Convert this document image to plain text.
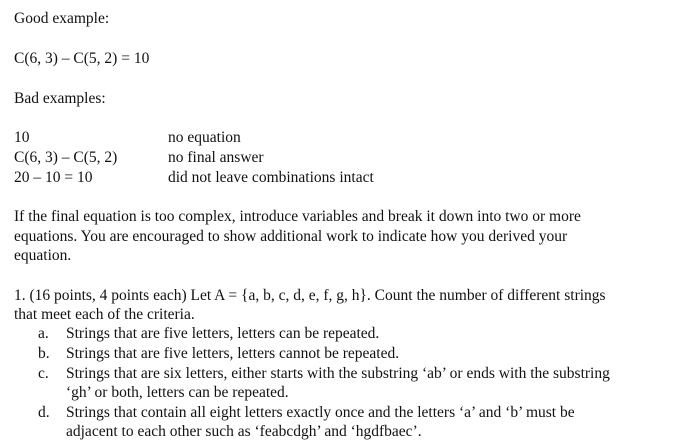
Good example:
C(6, 3) – C(5, 2) = 10
Bad examples:
10	no equation
C(6, 3) – C(5, 2)	no final answer
20 – 10 = 10	did not leave combinations intact
If the final equation is too complex, introduce variables and break it down into two or more
equations. You are encouraged to show additional work to indicate how you derived your
equation.
1. (16 points, 4 points each) Let A = {a, b, c, d, e, f, g, h}. Count the number of different strings
that meet each of the criteria.
a.	Strings that are five letters, letters can be repeated.
b.	Strings that are five letters, letters cannot be repeated.
c.	Strings that are six letters, either starts with the substring ‘ab’ or ends with the substring
‘gh’ or both, letters can be repeated.
d.	Strings that contain all eight letters exactly once and the letters ‘a’ and ‘b’ must be
adjacent to each other such as ‘feabcdgh’ and ‘hgdfbaec’.
